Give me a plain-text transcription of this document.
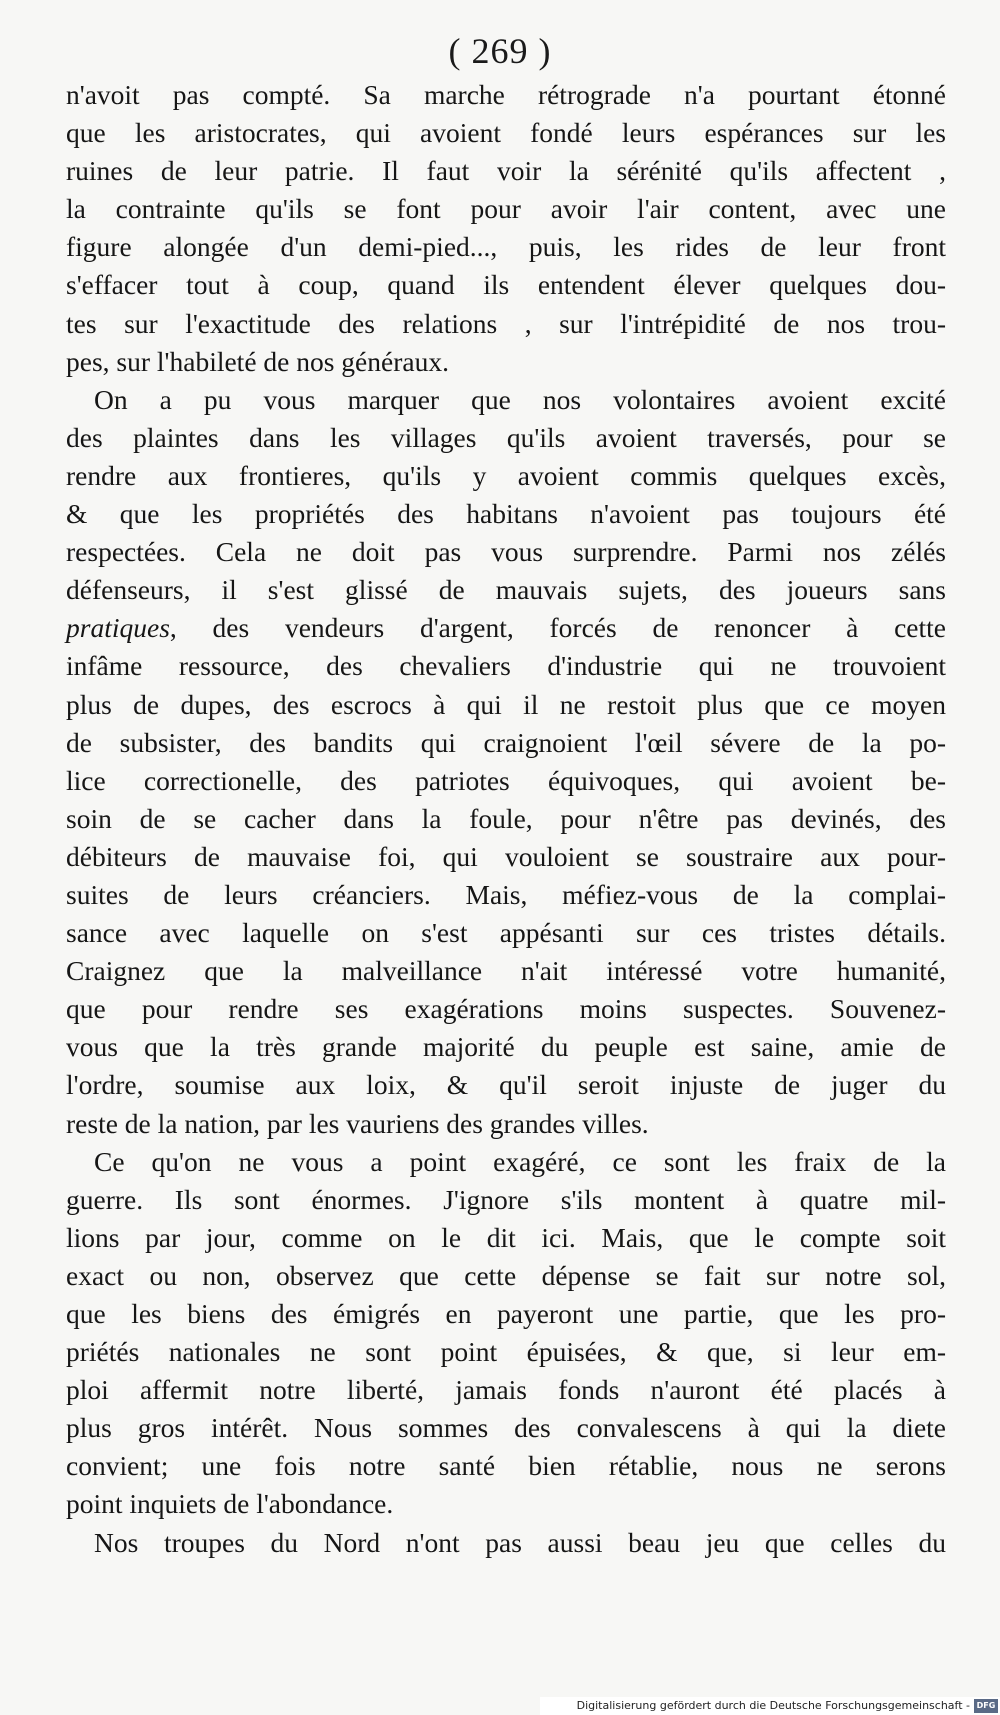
( 269 )
n'avoit pas compté. Sa marche rétrograde n'a pourtant étonné
que les aristocrates, qui avoient fondé leurs espérances sur les
ruines de leur patrie. Il faut voir la sérénité qu'ils affectent ,
la contrainte qu'ils se font pour avoir l'air content, avec une
figure alongée d'un demi-pied..., puis, les rides de leur front
s'effacer tout à coup, quand ils entendent élever quelques dou-
tes sur l'exactitude des relations , sur l'intrépidité de nos trou-
pes, sur l'habileté de nos généraux.
On a pu vous marquer que nos volontaires avoient excité
des plaintes dans les villages qu'ils avoient traversés, pour se
rendre aux frontieres, qu'ils y avoient commis quelques excès,
& que les propriétés des habitans n'avoient pas toujours été
respectées. Cela ne doit pas vous surprendre. Parmi nos zélés
défenseurs, il s'est glissé de mauvais sujets, des joueurs sans
pratiques, des vendeurs d'argent, forcés de renoncer à cette
infâme ressource, des chevaliers d'industrie qui ne trouvoient
plus de dupes, des escrocs à qui il ne restoit plus que ce moyen
de subsister, des bandits qui craignoient l'œil sévere de la po-
lice correctionelle, des patriotes équivoques, qui avoient be-
soin de se cacher dans la foule, pour n'être pas devinés, des
débiteurs de mauvaise foi, qui vouloient se soustraire aux pour-
suites de leurs créanciers. Mais, méfiez-vous de la complai-
sance avec laquelle on s'est appésanti sur ces tristes détails.
Craignez que la malveillance n'ait intéressé votre humanité,
que pour rendre ses exagérations moins suspectes. Souvenez-
vous que la très grande majorité du peuple est saine, amie de
l'ordre, soumise aux loix, & qu'il seroit injuste de juger du
reste de la nation, par les vauriens des grandes villes.
Ce qu'on ne vous a point exagéré, ce sont les fraix de la
guerre. Ils sont énormes. J'ignore s'ils montent à quatre mil-
lions par jour, comme on le dit ici. Mais, que le compte soit
exact ou non, observez que cette dépense se fait sur notre sol,
que les biens des émigrés en payeront une partie, que les pro-
priétés nationales ne sont point épuisées, & que, si leur em-
ploi affermit notre liberté, jamais fonds n'auront été placés à
plus gros intérêt. Nous sommes des convalescens à qui la diete
convient; une fois notre santé bien rétablie, nous ne serons
point inquiets de l'abondance.
Nos troupes du Nord n'ont pas aussi beau jeu que celles du
Digitalisierung gefördert durch die Deutsche Forschungsgemeinschaft - DFG
